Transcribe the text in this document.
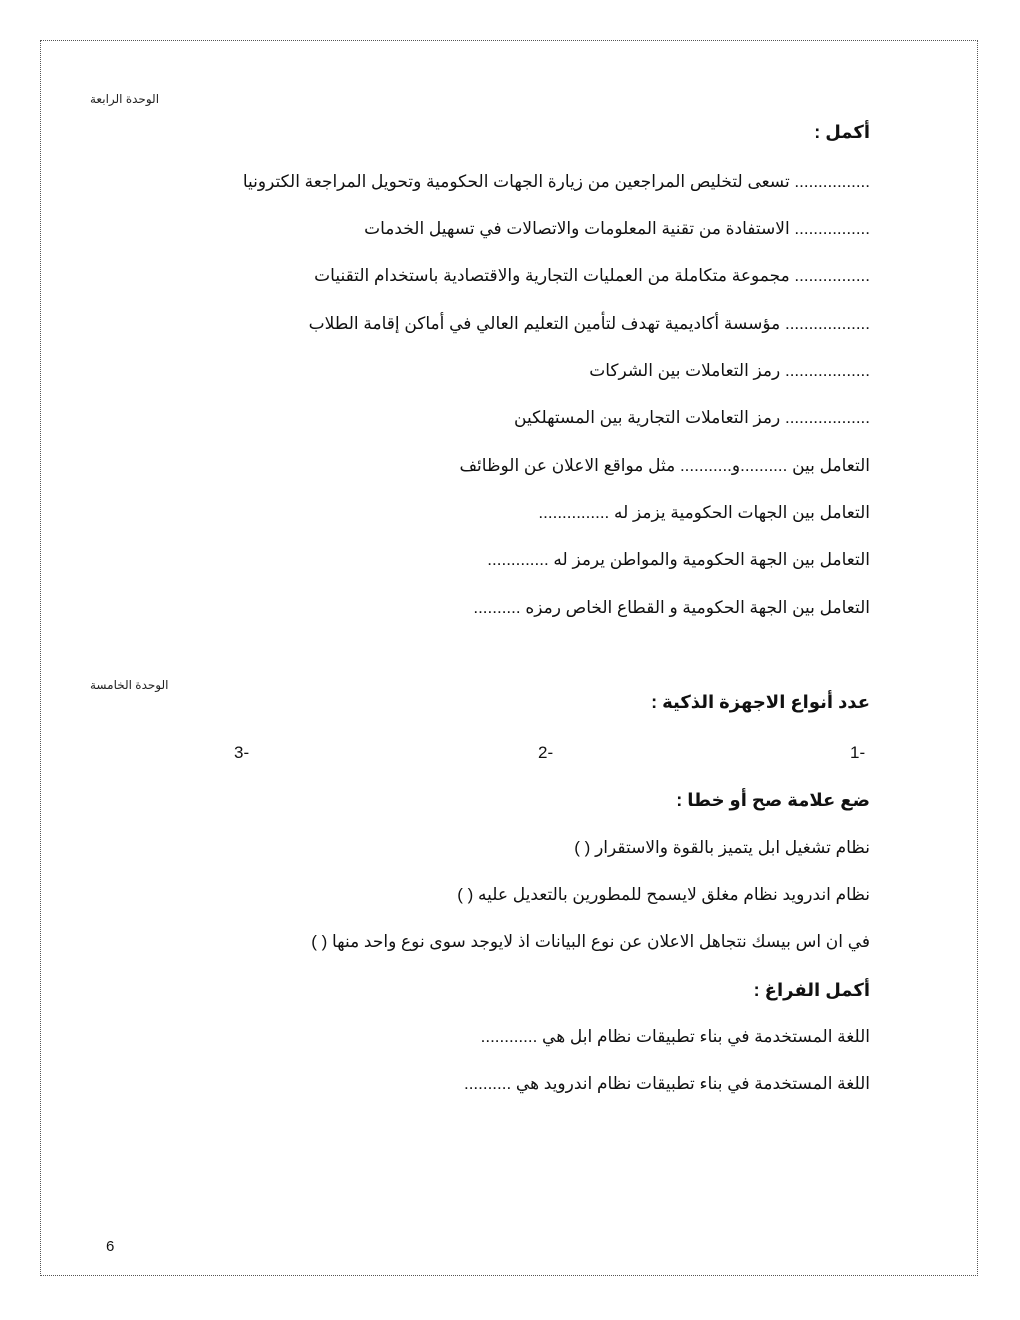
الوحدة الرابعة
أكمل :
................ تسعى لتخليص المراجعين من زيارة الجهات الحكومية وتحويل المراجعة الكترونيا
................ الاستفادة من تقنية المعلومات والاتصالات في تسهيل الخدمات
................ مجموعة متكاملة من العمليات التجارية والاقتصادية باستخدام التقنيات
.................. مؤسسة أكاديمية تهدف لتأمين التعليم العالي في أماكن إقامة الطلاب
.................. رمز التعاملات بين الشركات
.................. رمز التعاملات التجارية بين المستهلكين
التعامل بين ..........و........... مثل مواقع الاعلان عن الوظائف
التعامل بين الجهات الحكومية يزمز له ...............
التعامل بين الجهة الحكومية والمواطن يرمز له .............
التعامل بين الجهة الحكومية و القطاع الخاص رمزه ..........
الوحدة الخامسة
عدد أنواع الاجهزة الذكية :
1-
2-
3-
ضع علامة صح أو خطا :
نظام تشغيل ابل يتميز بالقوة والاستقرار ( )
نظام اندرويد نظام مغلق لايسمح للمطورين بالتعديل عليه ( )
في ان اس بيسك نتجاهل الاعلان عن نوع البيانات اذ لايوجد سوى نوع واحد منها ( )
أكمل الفراغ :
اللغة المستخدمة في بناء تطبيقات نظام ابل هي ............
اللغة المستخدمة في بناء تطبيقات نظام اندرويد هي ..........
6
